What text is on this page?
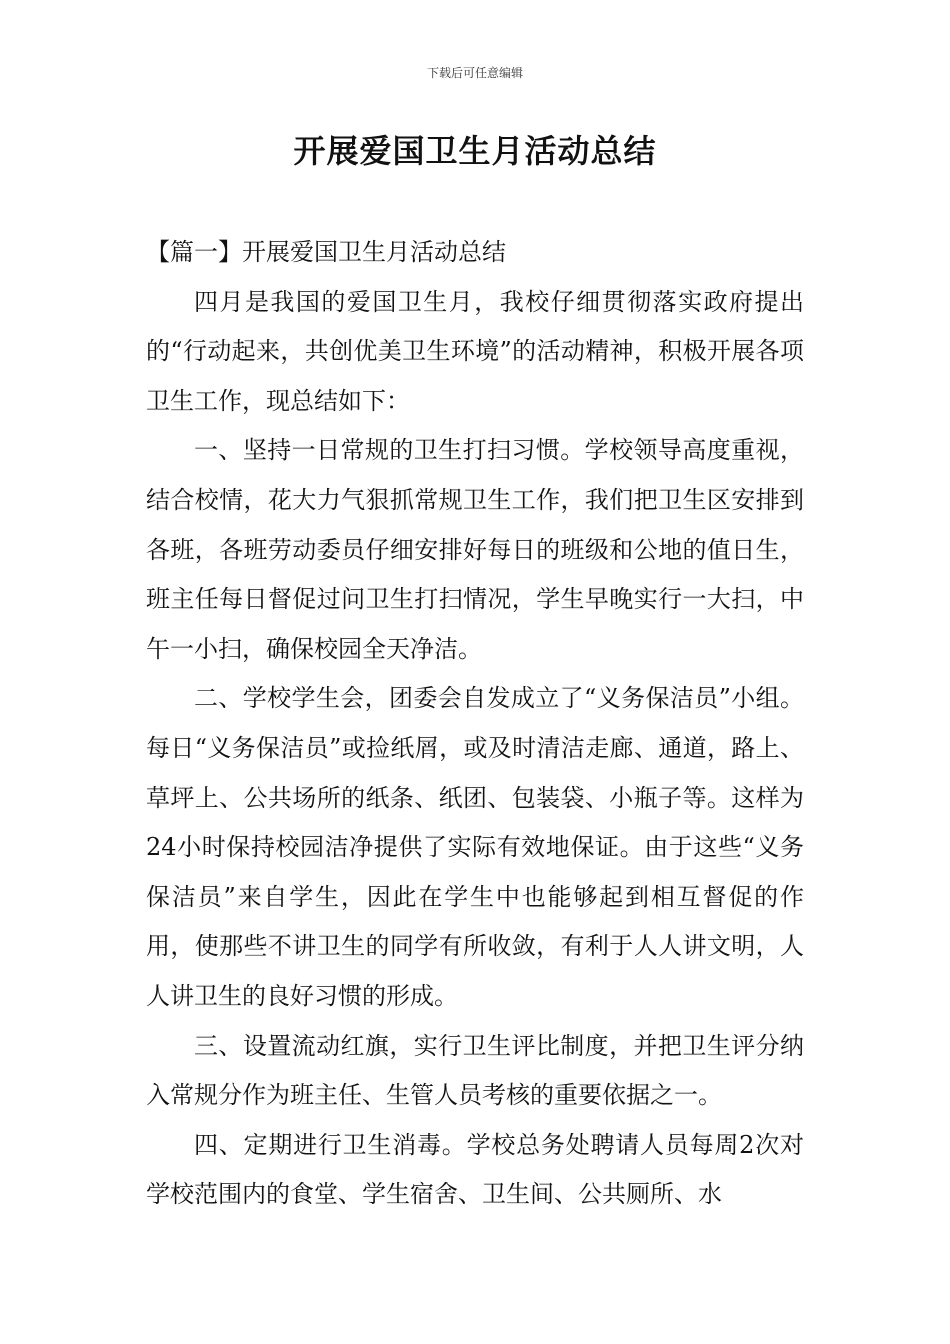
下载后可任意编辑
开展爱国卫生月活动总结

【篇一】开展爱国卫生月活动总结

四月是我国的爱国卫生月，我校仔细贯彻落实政府提出的“行动起来，共创优美卫生环境”的活动精神，积极开展各项卫生工作，现总结如下：

一、坚持一日常规的卫生打扫习惯。学校领导高度重视，结合校情，花大力气狠抓常规卫生工作，我们把卫生区安排到各班，各班劳动委员仔细安排好每日的班级和公地的值日生，班主任每日督促过问卫生打扫情况，学生早晚实行一大扫，中午一小扫，确保校园全天净洁。

二、学校学生会，团委会自发成立了“义务保洁员”小组。每日“义务保洁员”或捡纸屑，或及时清洁走廊、通道，路上、草坪上、公共场所的纸条、纸团、包装袋、小瓶子等。这样为24小时保持校园洁净提供了实际有效地保证。由于这些“义务保洁员”来自学生，因此在学生中也能够起到相互督促的作用，使那些不讲卫生的同学有所收敛，有利于人人讲文明，人人讲卫生的良好习惯的形成。

三、设置流动红旗，实行卫生评比制度，并把卫生评分纳入常规分作为班主任、生管人员考核的重要依据之一。

四、定期进行卫生消毒。学校总务处聘请人员每周2次对学校范围内的食堂、学生宿舍、卫生间、公共厕所、水
